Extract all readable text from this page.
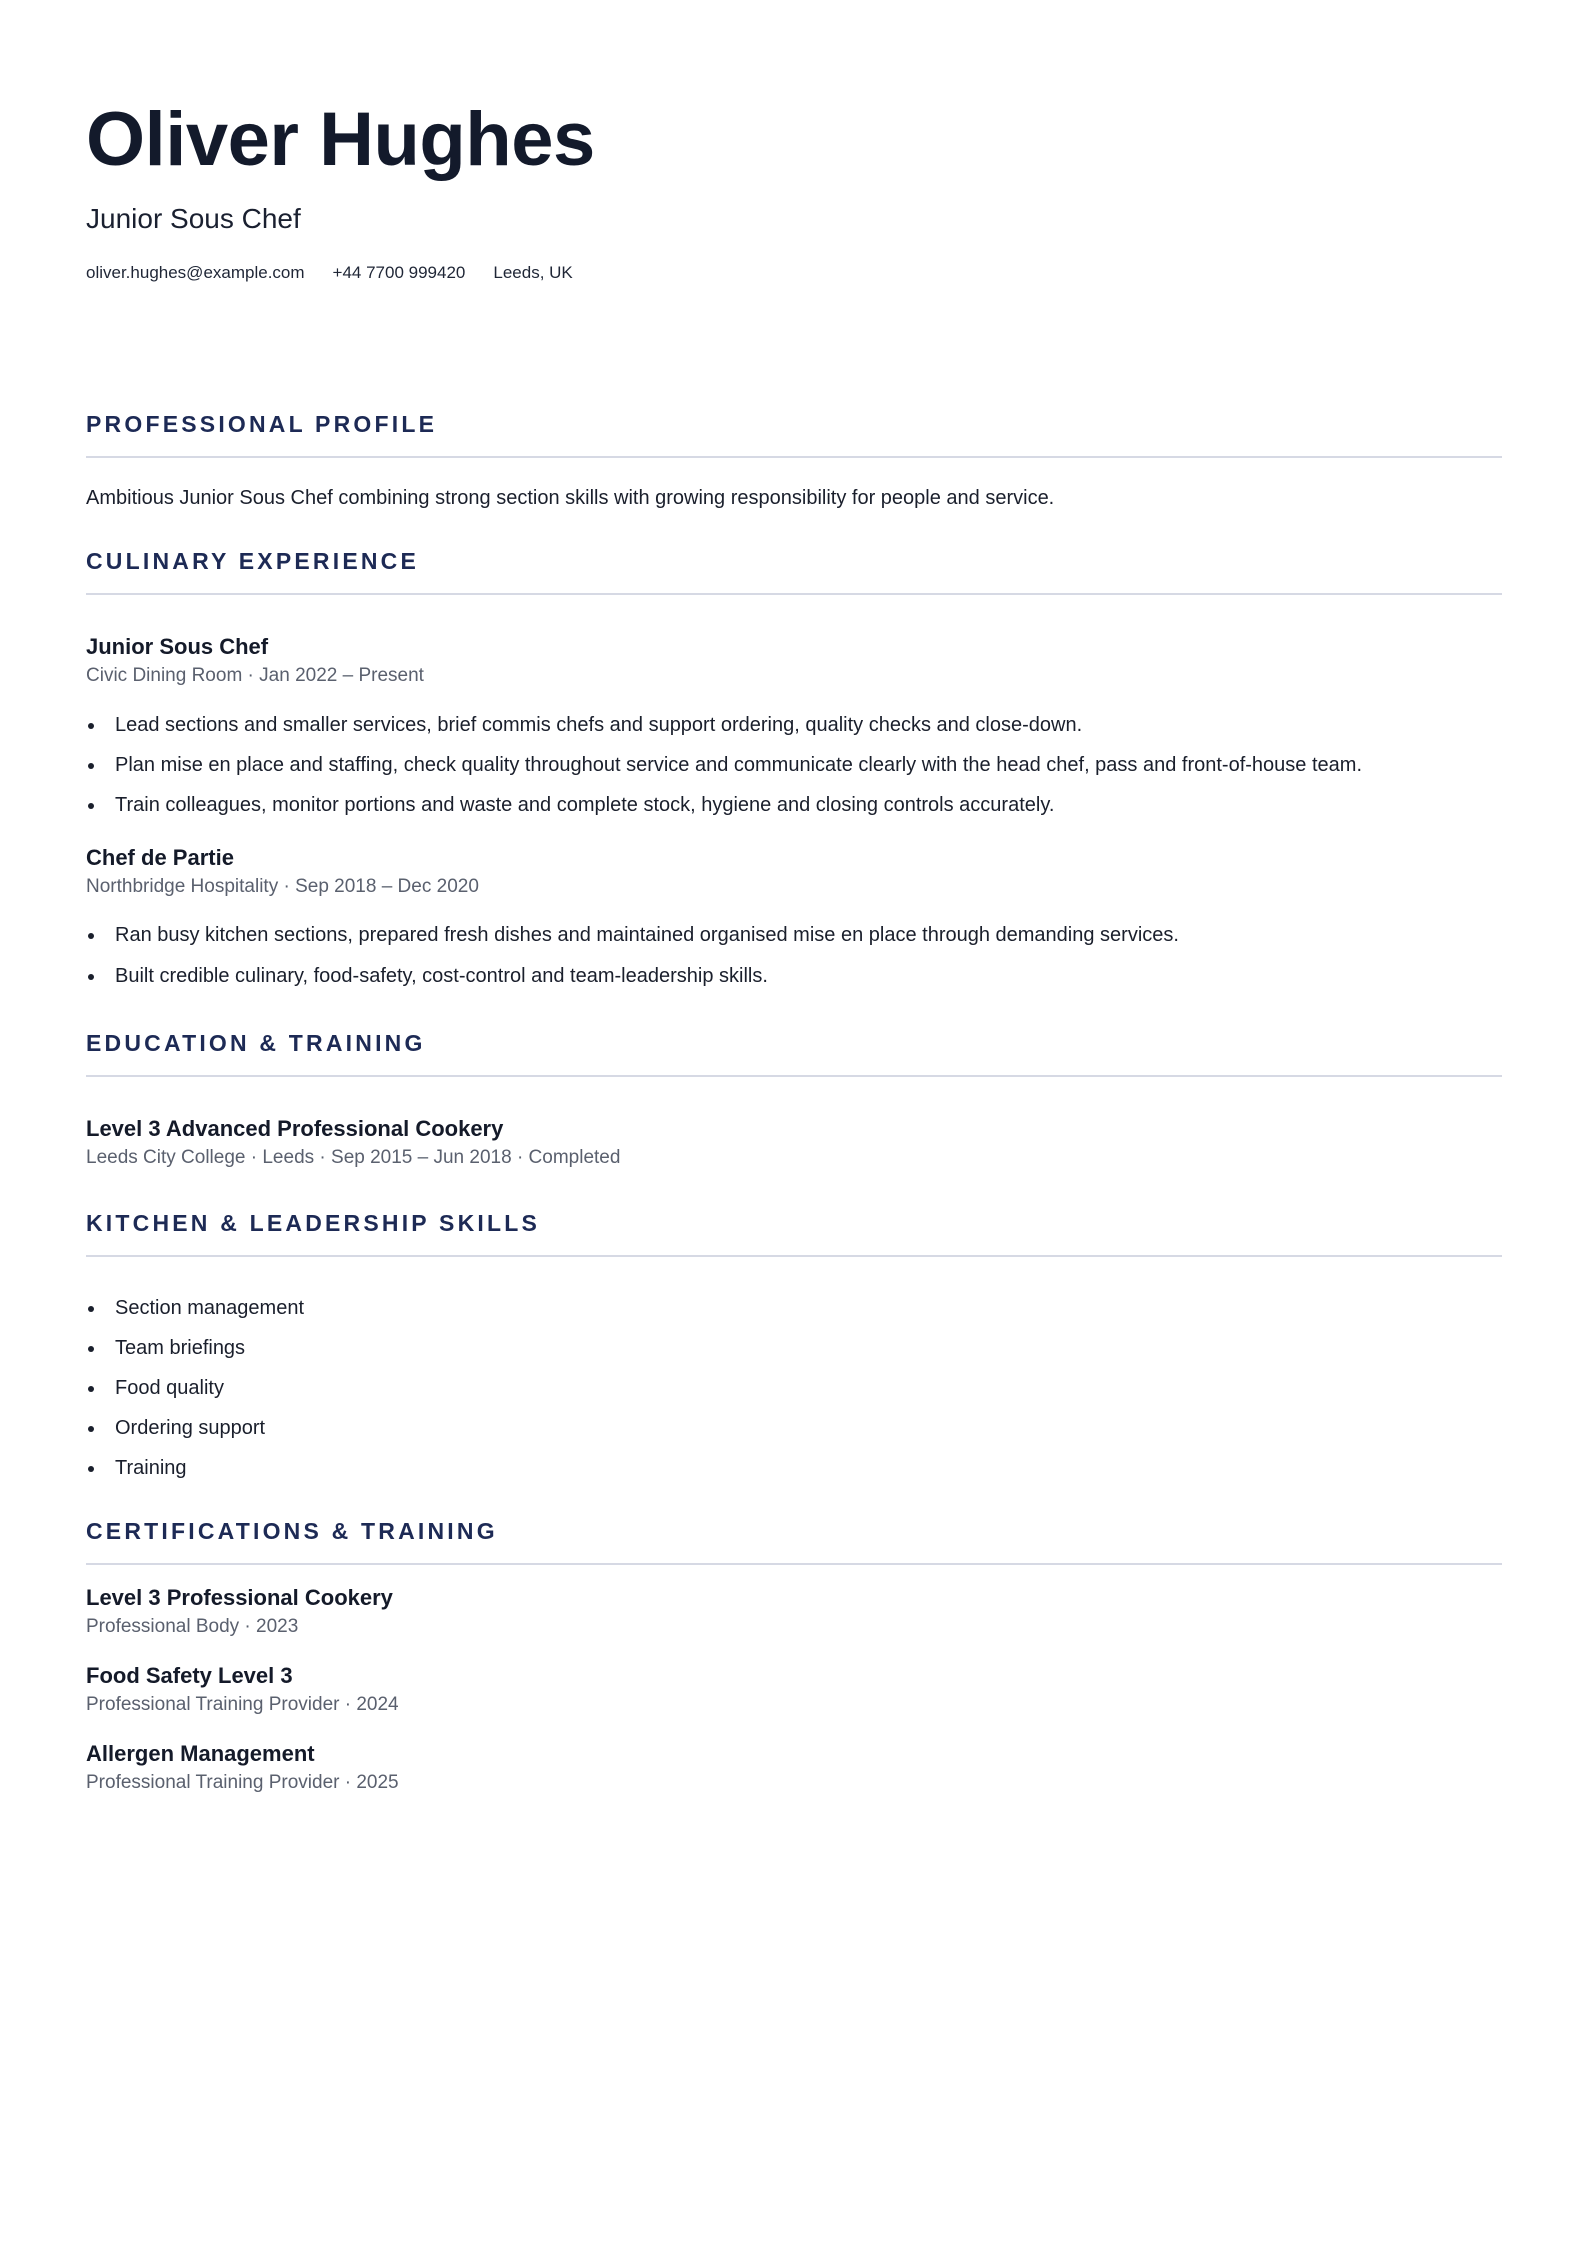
Oliver Hughes
Junior Sous Chef
oliver.hughes@example.com +44 7700 999420 Leeds, UK
PROFESSIONAL PROFILE

Ambitious Junior Sous Chef combining strong section skills with growing responsibility for people and service.

CULINARY EXPERIENCE
Junior Sous Chef
Civic Dining Room · Jan 2022 – Present
Lead sections and smaller services, brief commis chefs and support ordering, quality checks and close-down.
Plan mise en place and staffing, check quality throughout service and communicate clearly with the head chef, pass and front-of-house team.
Train colleagues, monitor portions and waste and complete stock, hygiene and closing controls accurately.
Chef de Partie
Northbridge Hospitality · Sep 2018 – Dec 2020
Ran busy kitchen sections, prepared fresh dishes and maintained organised mise en place through demanding services.
Built credible culinary, food-safety, cost-control and team-leadership skills.
EDUCATION & TRAINING
Level 3 Advanced Professional Cookery
Leeds City College · Leeds · Sep 2015 – Jun 2018 · Completed
KITCHEN & LEADERSHIP SKILLS
Section management
Team briefings
Food quality
Ordering support
Training
CERTIFICATIONS & TRAINING
Level 3 Professional Cookery
Professional Body · 2023
Food Safety Level 3
Professional Training Provider · 2024
Allergen Management
Professional Training Provider · 2025
